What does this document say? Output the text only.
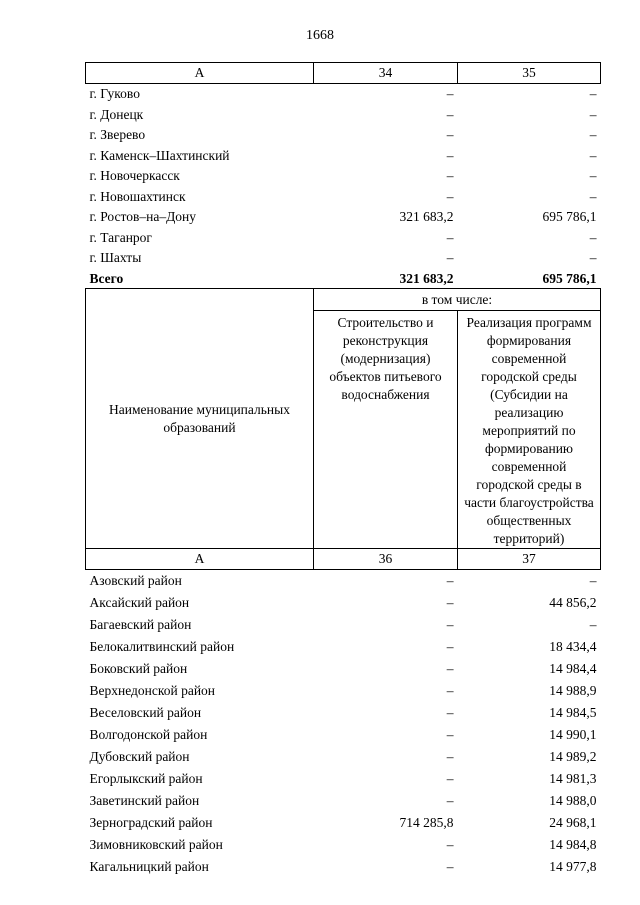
1668
А	34	35
г. Гуково	–	–
г. Донецк	–	–
г. Зверево	–	–
г. Каменск–Шахтинский	–	–
г. Новочеркасск	–	–
г. Новошахтинск	–	–
г. Ростов–на–Дону	321 683,2	695 786,1
г. Таганрог	–	–
г. Шахты	–	–
Всего	321 683,2	695 786,1
Наименование муниципальных образований	в том числе:	
	Строительство и реконструкция (модернизация) объектов питьевого водоснабжения	Реализация программ формирования современной городской среды (Субсидии на реализацию мероприятий по формированию современной городской среды в части благоустройства общественных территорий)
А	36	37
Азовский район	–	–
Аксайский район	–	44 856,2
Багаевский район	–	–
Белокалитвинский район	–	18 434,4
Боковский район	–	14 984,4
Верхнедонской район	–	14 988,9
Веселовский район	–	14 984,5
Волгодонской район	–	14 990,1
Дубовский район	–	14 989,2
Егорлыкский район	–	14 981,3
Заветинский район	–	14 988,0
Зерноградский район	714 285,8	24 968,1
Зимовниковский район	–	14 984,8
Кагальницкий район	–	14 977,8
